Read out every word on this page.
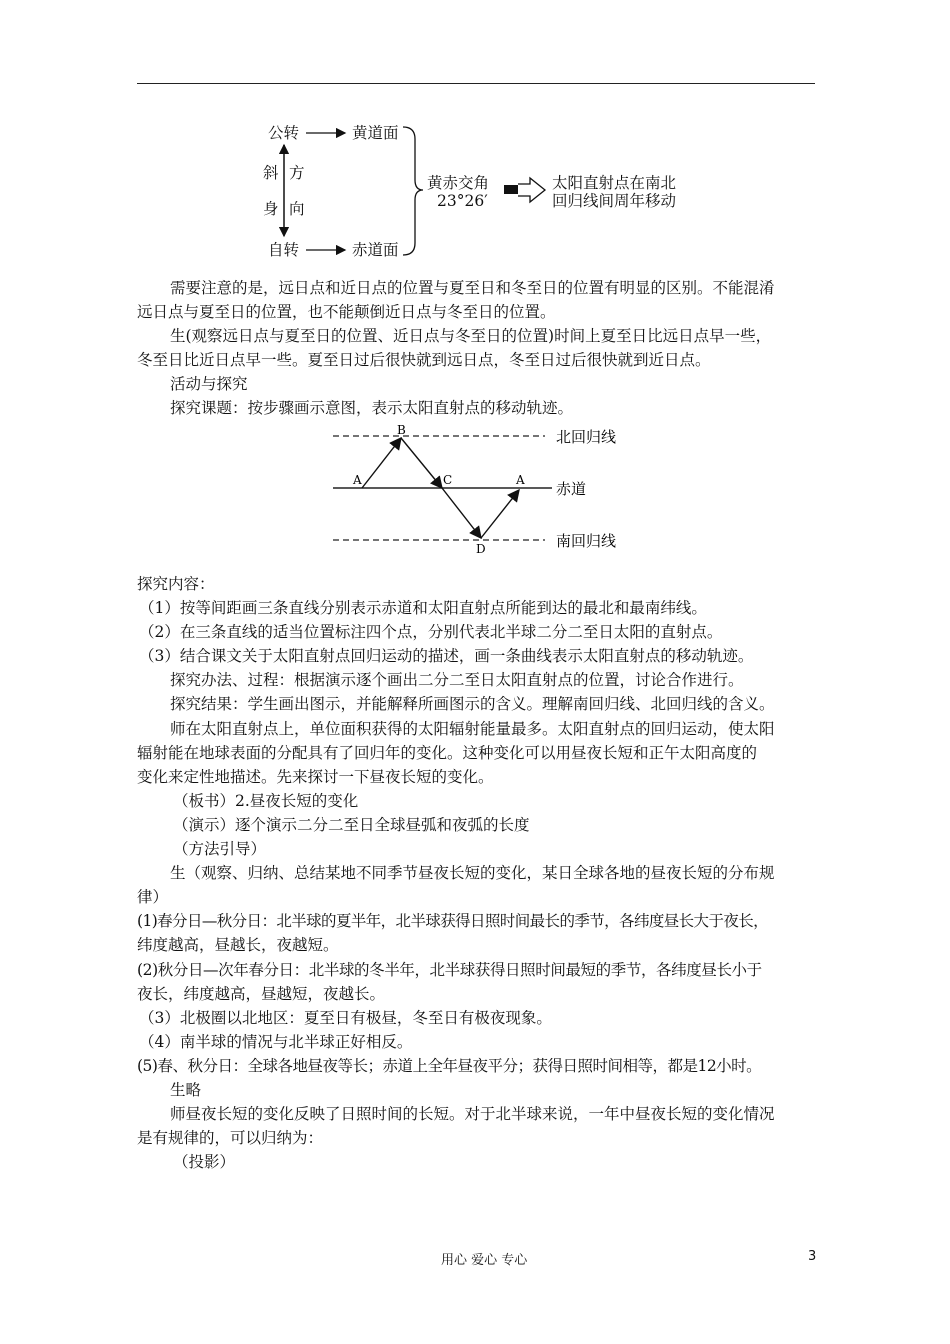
公转	黄道面
斜
身
方
向
自转	赤道面
黄赤交角
23°26′
太阳直射点在南北
回归线间周年移动

需要注意的是，远日点和近日点的位置与夏至日和冬至日的位置有明显的区别。不能混淆

远日点与夏至日的位置，也不能颠倒近日点与冬至日的位置。

生(观察远日点与夏至日的位置、近日点与冬至日的位置)时间上夏至日比远日点早一些，

冬至日比近日点早一些。夏至日过后很快就到远日点，冬至日过后很快就到近日点。

活动与探究

探究课题：按步骤画示意图，表示太阳直射点的移动轨迹。

B
A	C	A
D
北回归线
赤道
南回归线

探究内容：

（1）按等间距画三条直线分别表示赤道和太阳直射点所能到达的最北和最南纬线。

（2）在三条直线的适当位置标注四个点，分别代表北半球二分二至日太阳的直射点。

（3）结合课文关于太阳直射点回归运动的描述，画一条曲线表示太阳直射点的移动轨迹。

探究办法、过程：根据演示逐个画出二分二至日太阳直射点的位置，讨论合作进行。

探究结果：学生画出图示，并能解释所画图示的含义。理解南回归线、北回归线的含义。

师在太阳直射点上，单位面积获得的太阳辐射能量最多。太阳直射点的回归运动，使太阳

辐射能在地球表面的分配具有了回归年的变化。这种变化可以用昼夜长短和正午太阳高度的

变化来定性地描述。先来探讨一下昼夜长短的变化。

（板书）2.昼夜长短的变化

（演示）逐个演示二分二至日全球昼弧和夜弧的长度

（方法引导）

生（观察、归纳、总结某地不同季节昼夜长短的变化，某日全球各地的昼夜长短的分布规

律）

(1)春分日—秋分日：北半球的夏半年，北半球获得日照时间最长的季节，各纬度昼长大于夜长，

纬度越高，昼越长，夜越短。

(2)秋分日—次年春分日：北半球的冬半年，北半球获得日照时间最短的季节，各纬度昼长小于

夜长，纬度越高，昼越短，夜越长。

（3）北极圈以北地区：夏至日有极昼，冬至日有极夜现象。

（4）南半球的情况与北半球正好相反。

(5)春、秋分日：全球各地昼夜等长；赤道上全年昼夜平分；获得日照时间相等，都是12小时。

生略

师昼夜长短的变化反映了日照时间的长短。对于北半球来说，一年中昼夜长短的变化情况

是有规律的，可以归纳为：

（投影）

用心 爱心 专心	3
